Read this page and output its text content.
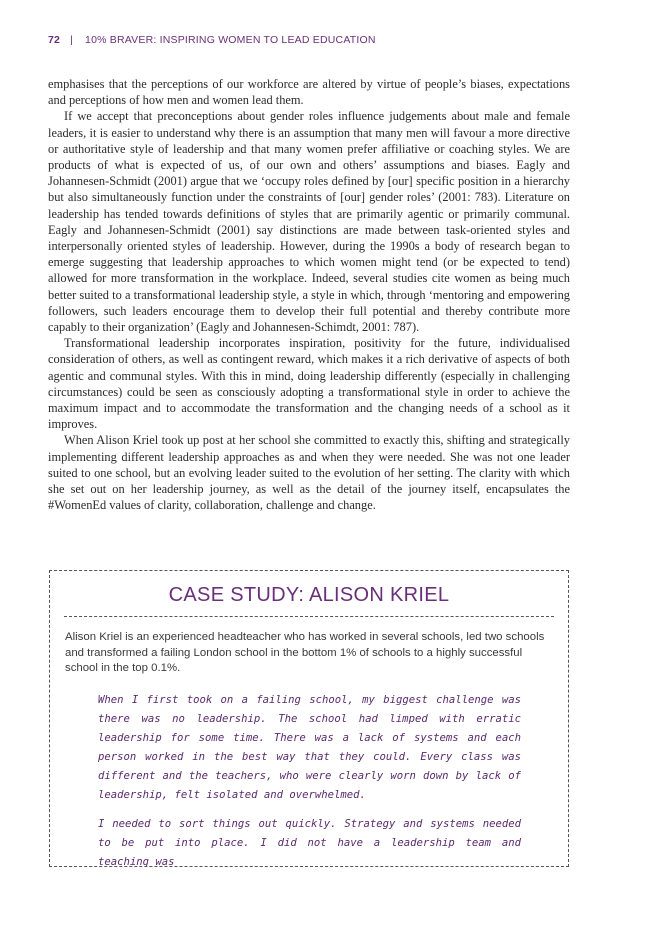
72 | 10% BRAVER: INSPIRING WOMEN TO LEAD EDUCATION

emphasises that the perceptions of our workforce are altered by virtue of people’s biases, expectations and perceptions of how men and women lead them.

If we accept that preconceptions about gender roles influence judgements about male and female leaders, it is easier to understand why there is an assumption that many men will favour a more directive or authoritative style of leadership and that many women prefer affiliative or coaching styles. We are products of what is expected of us, of our own and others’ assumptions and biases. Eagly and Johannesen-Schmidt (2001) argue that we ‘occupy roles defined by [our] specific position in a hierarchy but also simultaneously function under the constraints of [our] gender roles’ (2001: 783). Literature on leadership has tended towards definitions of styles that are primarily agentic or primarily communal. Eagly and Johannesen-Schmidt (2001) say distinctions are made between task-oriented styles and interpersonally oriented styles of leadership. However, during the 1990s a body of research began to emerge suggesting that leadership approaches to which women might tend (or be expected to tend) allowed for more transformation in the workplace. Indeed, several studies cite women as being much better suited to a transformational leadership style, a style in which, through ‘mentoring and empowering followers, such leaders encourage them to develop their full potential and thereby contribute more capably to their organization’ (Eagly and Johannesen-Schimdt, 2001: 787).

Transformational leadership incorporates inspiration, positivity for the future, individualised consideration of others, as well as contingent reward, which makes it a rich derivative of aspects of both agentic and communal styles. With this in mind, doing leadership differently (especially in challenging circumstances) could be seen as consciously adopting a transformational style in order to achieve the maximum impact and to accommodate the transformation and the changing needs of a school as it improves.

When Alison Kriel took up post at her school she committed to exactly this, shifting and strategically implementing different leadership approaches as and when they were needed. She was not one leader suited to one school, but an evolving leader suited to the evolution of her setting. The clarity with which she set out on her leadership journey, as well as the detail of the journey itself, encapsulates the #WomenEd values of clarity, collaboration, challenge and change.

CASE STUDY: ALISON KRIEL
Alison Kriel is an experienced headteacher who has worked in several schools, led two schools and transformed a failing London school in the bottom 1% of schools to a highly successful school in the top 0.1%.

When I first took on a failing school, my biggest challenge was there was no leadership. The school had limped with erratic leadership for some time. There was a lack of systems and each person worked in the best way that they could. Every class was different and the teachers, who were clearly worn down by lack of leadership, felt isolated and overwhelmed.

I needed to sort things out quickly. Strategy and systems needed to be put into place. I did not have a leadership team and teaching was
